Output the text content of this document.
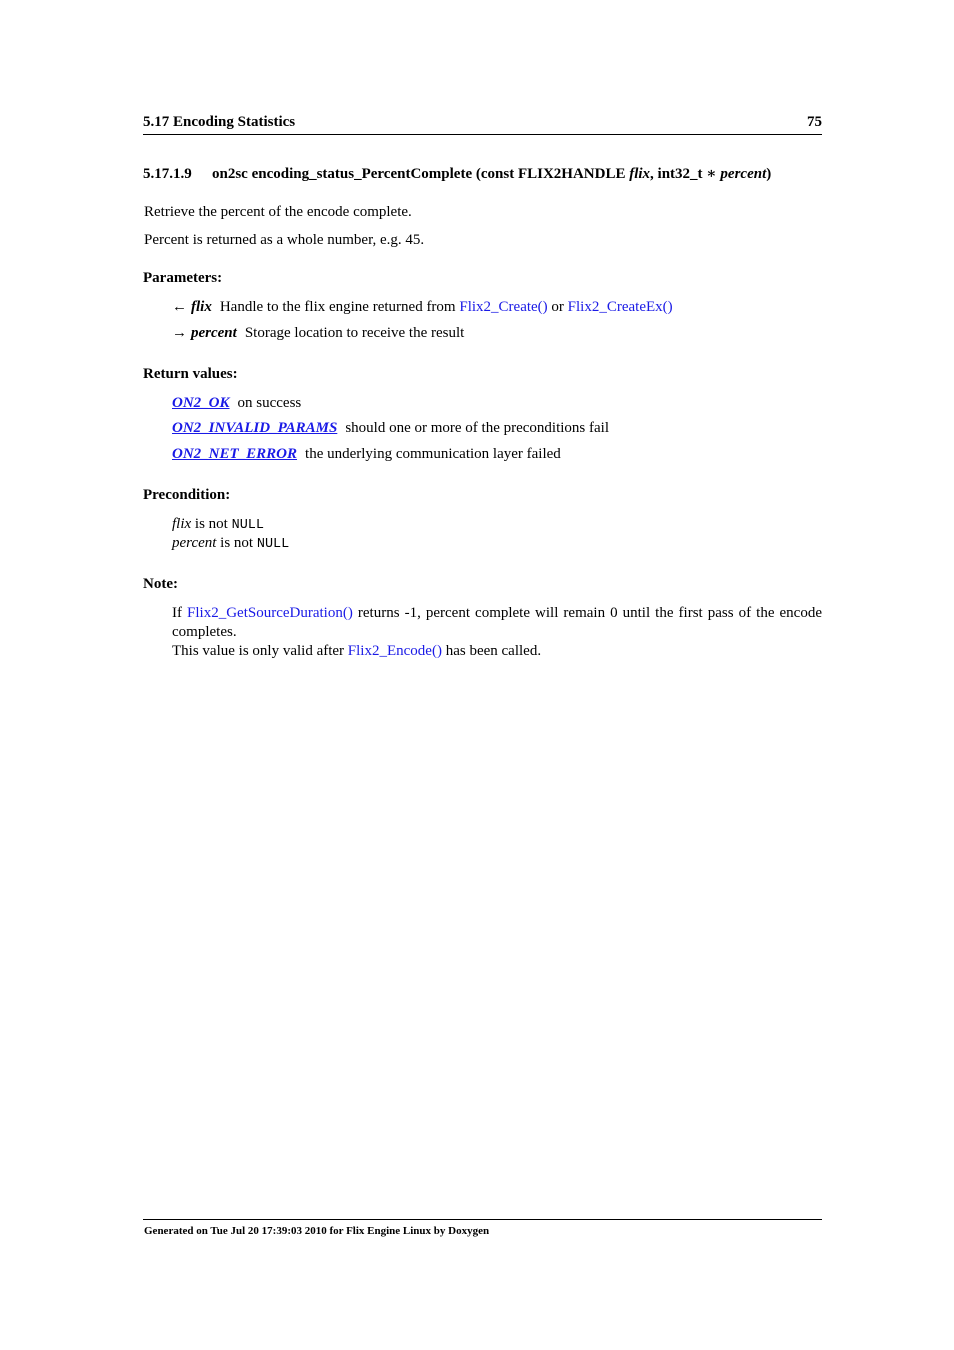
5.17 Encoding Statistics	75
5.17.1.9 on2sc encoding_status_PercentComplete (const FLIX2HANDLE flix, int32_t ∗ percent)
Retrieve the percent of the encode complete.
Percent is returned as a whole number, e.g. 45.
Parameters:
← flix Handle to the flix engine returned from Flix2_Create() or Flix2_CreateEx()
→ percent Storage location to receive the result
Return values:
ON2_OK on success
ON2_INVALID_PARAMS should one or more of the preconditions fail
ON2_NET_ERROR the underlying communication layer failed
Precondition:
flix is not NULL
percent is not NULL
Note:

If Flix2_GetSourceDuration() returns -1, percent complete will remain 0 until the first pass of the encode completes.

This value is only valid after Flix2_Encode() has been called.

Generated on Tue Jul 20 17:39:03 2010 for Flix Engine Linux by Doxygen
